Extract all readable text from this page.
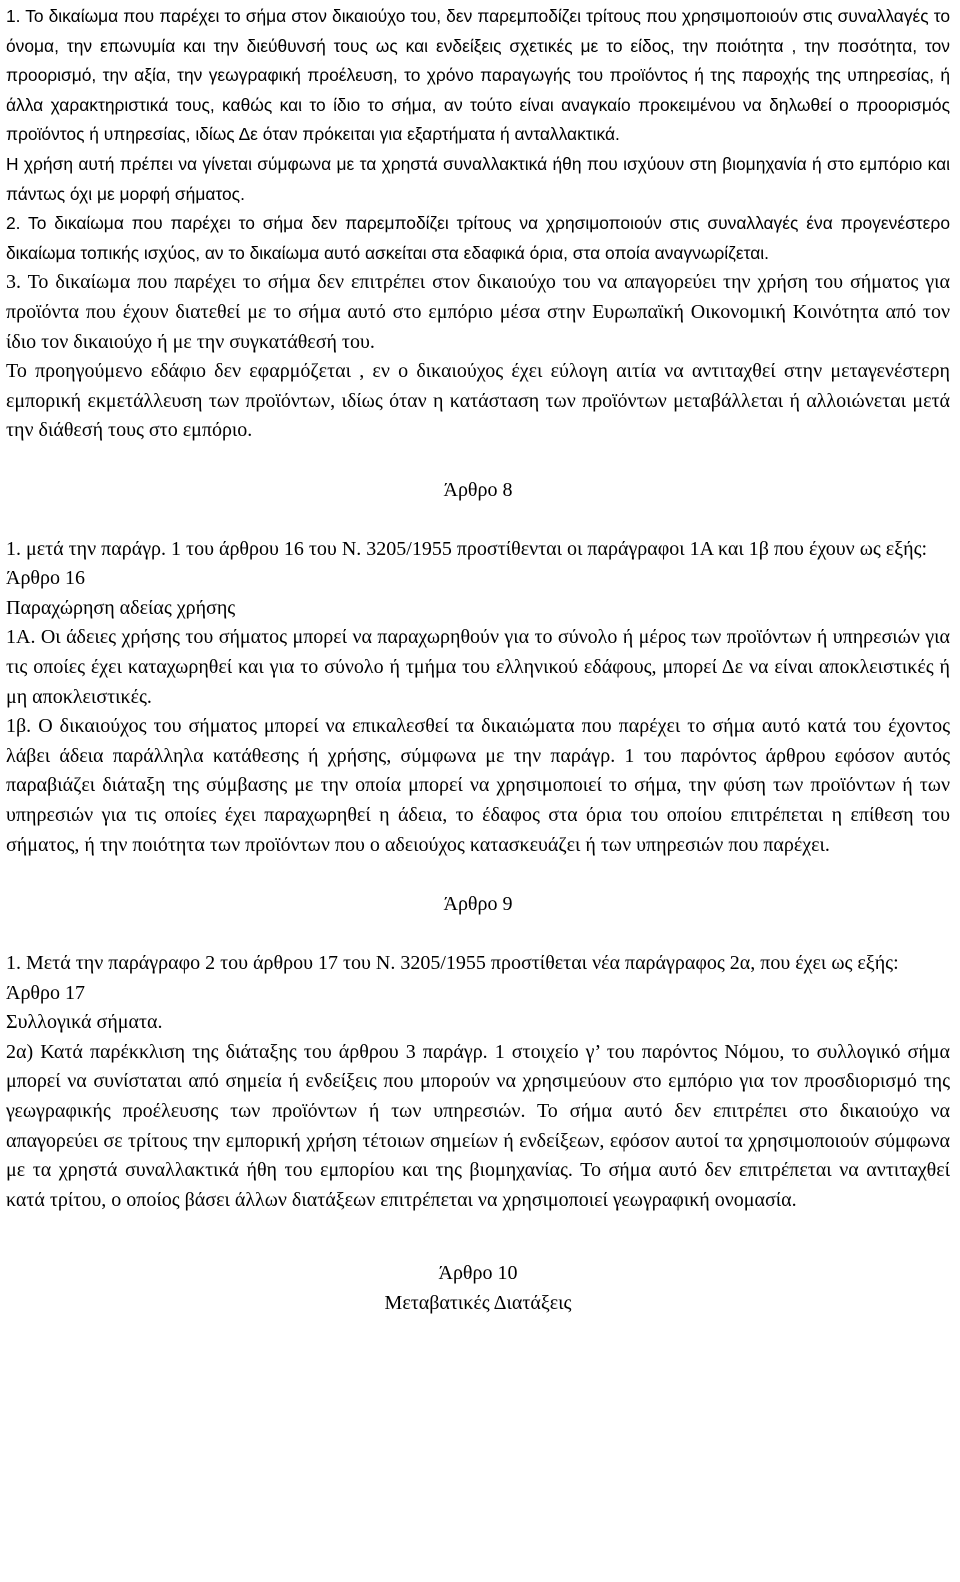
1. Το δικαίωμα που παρέχει το σήμα στον δικαιούχο του, δεν παρεμποδίζει τρίτους που χρησιμοποιούν στις συναλλαγές το όνομα, την επωνυμία και την διεύθυνσή τους ως και ενδείξεις σχετικές με το είδος, την ποιότητα , την ποσότητα, τον προορισμό, την αξία, την γεωγραφική προέλευση, το χρόνο παραγωγής του προϊόντος ή της παροχής της υπηρεσίας, ή άλλα χαρακτηριστικά τους, καθώς και το ίδιο το σήμα, αν τούτο είναι αναγκαίο προκειμένου να δηλωθεί ο προορισμός προϊόντος ή υπηρεσίας, ιδίως Δε όταν πρόκειται για εξαρτήματα ή ανταλλακτικά.

Η χρήση αυτή πρέπει να γίνεται σύμφωνα με τα χρηστά συναλλακτικά ήθη που ισχύουν στη βιομηχανία ή στο εμπόριο και πάντως όχι με μορφή σήματος.

2. Το δικαίωμα που παρέχει το σήμα δεν παρεμποδίζει τρίτους να χρησιμοποιούν στις συναλλαγές ένα προγενέστερο δικαίωμα τοπικής ισχύος, αν το δικαίωμα αυτό ασκείται στα εδαφικά όρια, στα οποία αναγνωρίζεται.

3. Το δικαίωμα που παρέχει το σήμα δεν επιτρέπει στον δικαιούχο του να απαγορεύει την χρήση του σήματος για προϊόντα που έχουν διατεθεί με το σήμα αυτό στο εμπόριο μέσα στην Ευρωπαϊκή Οικονομική Κοινότητα από τον ίδιο τον δικαιούχο ή με την συγκατάθεσή του.

Το προηγούμενο εδάφιο δεν εφαρμόζεται , εν ο δικαιούχος έχει εύλογη αιτία να αντιταχθεί στην μεταγενέστερη εμπορική εκμετάλλευση των προϊόντων, ιδίως όταν η κατάσταση των προϊόντων μεταβάλλεται ή αλλοιώνεται μετά την διάθεσή τους στο εμπόριο.

Άρθρο 8

1. μετά την παράγρ. 1 του άρθρου 16 του Ν. 3205/1955 προστίθενται οι παράγραφοι 1Α και 1β που έχουν ως εξής:

Άρθρο 16

Παραχώρηση αδείας χρήσης

1Α. Οι άδειες χρήσης του σήματος μπορεί να παραχωρηθούν για το σύνολο ή μέρος των προϊόντων ή υπηρεσιών για τις οποίες έχει καταχωρηθεί και για το σύνολο ή τμήμα του ελληνικού εδάφους, μπορεί Δε να είναι αποκλειστικές ή μη αποκλειστικές.

1β. Ο δικαιούχος του σήματος μπορεί να επικαλεσθεί τα δικαιώματα που παρέχει το σήμα αυτό κατά του έχοντος λάβει άδεια παράλληλα κατάθεσης ή χρήσης, σύμφωνα με την παράγρ. 1 του παρόντος άρθρου εφόσον αυτός παραβιάζει διάταξη της σύμβασης με την οποία μπορεί να χρησιμοποιεί το σήμα, την φύση των προϊόντων ή των υπηρεσιών για τις οποίες έχει παραχωρηθεί η άδεια, το έδαφος στα όρια του οποίου επιτρέπεται η επίθεση του σήματος, ή την ποιότητα των προϊόντων που ο αδειούχος κατασκευάζει ή των υπηρεσιών που παρέχει.

Άρθρο 9

1. Μετά την παράγραφο 2 του άρθρου 17 του Ν. 3205/1955 προστίθεται νέα παράγραφος 2α, που έχει ως εξής:

Άρθρο 17

Συλλογικά σήματα.

2α) Κατά παρέκκλιση της διάταξης του άρθρου 3 παράγρ. 1 στοιχείο γ’ του παρόντος Νόμου, το συλλογικό σήμα μπορεί να συνίσταται από σημεία ή ενδείξεις που μπορούν να χρησιμεύουν στο εμπόριο για τον προσδιορισμό της γεωγραφικής προέλευσης των προϊόντων ή των υπηρεσιών. Το σήμα αυτό δεν επιτρέπει στο δικαιούχο να απαγορεύει σε τρίτους την εμπορική χρήση τέτοιων σημείων ή ενδείξεων, εφόσον αυτοί τα χρησιμοποιούν σύμφωνα με τα χρηστά συναλλακτικά ήθη του εμπορίου και της βιομηχανίας. Το σήμα αυτό δεν επιτρέπεται να αντιταχθεί κατά τρίτου, ο οποίος βάσει άλλων διατάξεων επιτρέπεται να χρησιμοποιεί γεωγραφική ονομασία.

Άρθρο 10

Μεταβατικές Διατάξεις
